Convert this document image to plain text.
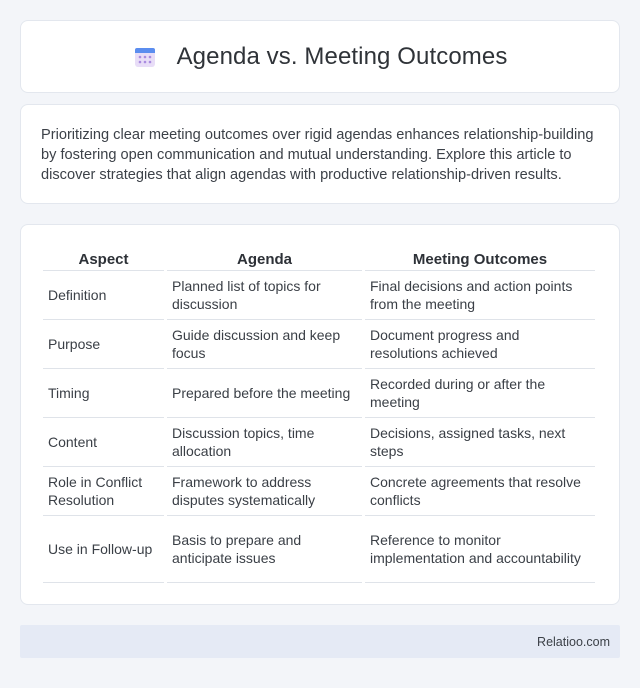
Agenda vs. Meeting Outcomes

Prioritizing clear meeting outcomes over rigid agendas enhances relationship-building by fostering open communication and mutual understanding. Explore this article to discover strategies that align agendas with productive relationship-driven results.

Aspect	Agenda	Meeting Outcomes
Definition	Planned list of topics for discussion	Final decisions and action points from the meeting
Purpose	Guide discussion and keep focus	Document progress and resolutions achieved
Timing	Prepared before the meeting	Recorded during or after the meeting
Content	Discussion topics, time allocation	Decisions, assigned tasks, next steps
Role in Conflict Resolution	Framework to address disputes systematically	Concrete agreements that resolve conflicts
Use in Follow-up	Basis to prepare and anticipate issues	Reference to monitor implementation and accountability
Relatioo.com
